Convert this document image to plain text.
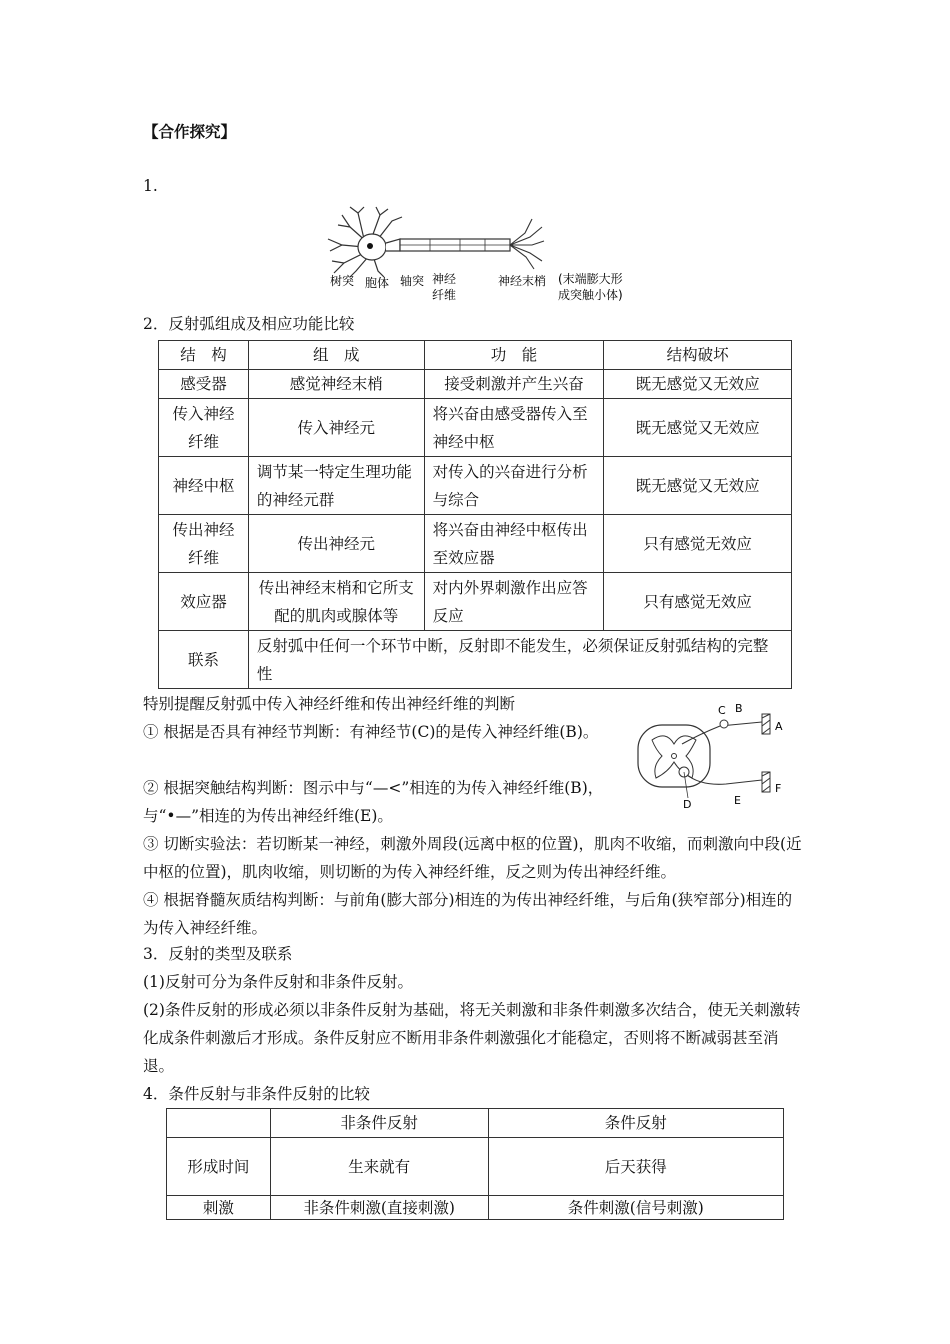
【合作探究】
1.
树突 胞体 轴突 神经
纤维
神经末梢 (末端膨大形
成突触小体)
2．反射弧组成及相应功能比较
结　构	组　成	功　能	结构破坏
感受器	感觉神经末梢	接受刺激并产生兴奋	既无感觉又无效应
传入神经纤维	传入神经元	将兴奋由感受器传入至神经中枢	既无感觉又无效应
神经中枢	调节某一特定生理功能的神经元群	对传入的兴奋进行分析与综合	既无感觉又无效应
传出神经纤维	传出神经元	将兴奋由神经中枢传出至效应器	只有感觉无效应
效应器	传出神经末梢和它所支配的肌肉或腺体等	对内外界刺激作出应答反应	只有感觉无效应
联系	反射弧中任何一个环节中断，反射即不能发生，必须保证反射弧结构的完整性		
特别提醒反射弧中传入神经纤维和传出神经纤维的判断
① 根据是否具有神经节判断：有神经节(C)的是传入神经纤维(B)。
② 根据突触结构判断：图示中与“—<”相连的为传入神经纤维(B)，与“•—”相连的为传出神经纤维(E)。
③ 切断实验法：若切断某一神经，刺激外周段(远离中枢的位置)，肌肉不收缩，而刺激向中段(近中枢的位置)，肌肉收缩，则切断的为传入神经纤维，反之则为传出神经纤维。
④ 根据脊髓灰质结构判断：与前角(膨大部分)相连的为传出神经纤维，与后角(狭窄部分)相连的为传入神经纤维。
C B
A
D	E
F
3．反射的类型及联系
(1)反射可分为条件反射和非条件反射。
(2)条件反射的形成必须以非条件反射为基础，将无关刺激和非条件刺激多次结合，使无关刺激转化成条件刺激后才形成。条件反射应不断用非条件刺激强化才能稳定，否则将不断减弱甚至消退。
4．条件反射与非条件反射的比较
	非条件反射	条件反射
形成时间	生来就有	后天获得
刺激	非条件刺激(直接刺激)	条件刺激(信号刺激)
